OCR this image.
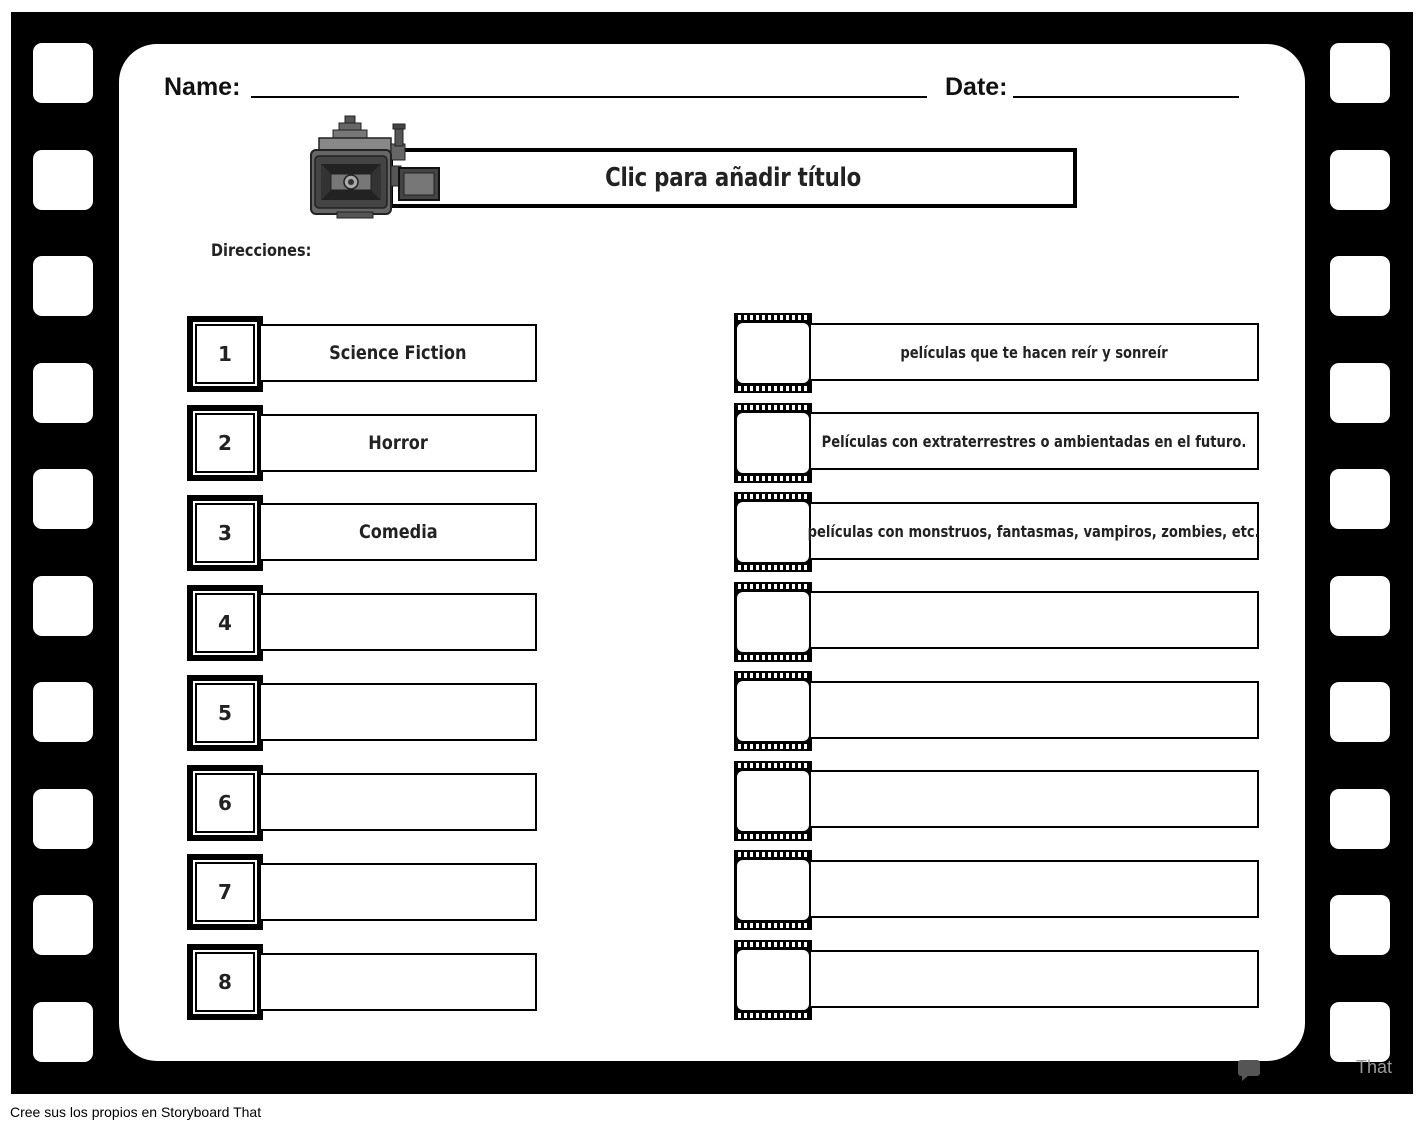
Name:	Date:
Clic para añadir título
Direcciones:
1	Science Fiction
2	Horror
3	Comedia
4
5
6
7
8
películas que te hacen reír y sonreír
Películas con extraterrestres o ambientadas en el futuro.
películas con monstruos, fantasmas, vampiros, zombies, etc.
That
Cree sus los propios en Storyboard That
